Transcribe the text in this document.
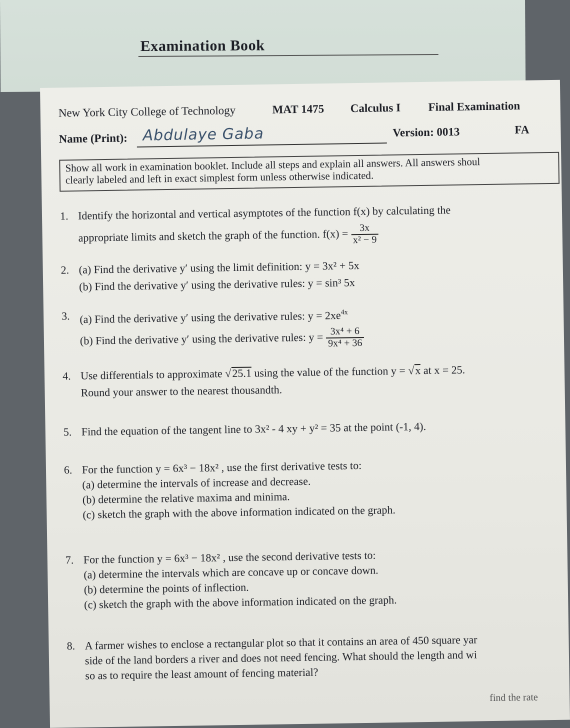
Examination Book
New York City College of Technology	MAT 1475 Calculus I Final Examination
Name (Print): Abdulaye Gaba	Version: 0013	FA
Show all work in examination booklet. Include all steps and explain all answers. All answers shoul
clearly labeled and left in exact simplest form unless otherwise indicated.
1. Identify the horizontal and vertical asymptotes of the function f(x) by calculating the
appropriate limits and sketch the graph of the function. $f(x) = \frac{3x}{\text{x² − 9}}$
2. (a) Find the derivative y′ using the limit definition: y = 3x² + 5x
(b) Find the derivative y′ using the derivative rules: y = sin³ 5x
3. (a) Find the derivative y′ using the derivative rules: $y = 2xe^{4x}$
(b) Find the derivative y′ using the derivative rules: $y = \frac{\text{3x⁴ + 6}}{\text{9x⁴ + 36}}$
4. Use differentials to approximate √25.1 using the value of the function y = √x at x = 25.
Round your answer to the nearest thousandth.
5. Find the equation of the tangent line to 3x² - 4 xy + y² = 35 at the point (-1, 4).
6. For the function y = 6x³ − 18x² , use the first derivative tests to:
(a) determine the intervals of increase and decrease.
(b) determine the relative maxima and minima.
(c) sketch the graph with the above information indicated on the graph.
7. For the function y = 6x³ − 18x² , use the second derivative tests to:
(a) determine the intervals which are concave up or concave down.
(b) determine the points of inflection.
(c) sketch the graph with the above information indicated on the graph.
8. A farmer wishes to enclose a rectangular plot so that it contains an area of 450 square yar
side of the land borders a river and does not need fencing. What should the length and wi
so as to require the least amount of fencing material?
find the rate
